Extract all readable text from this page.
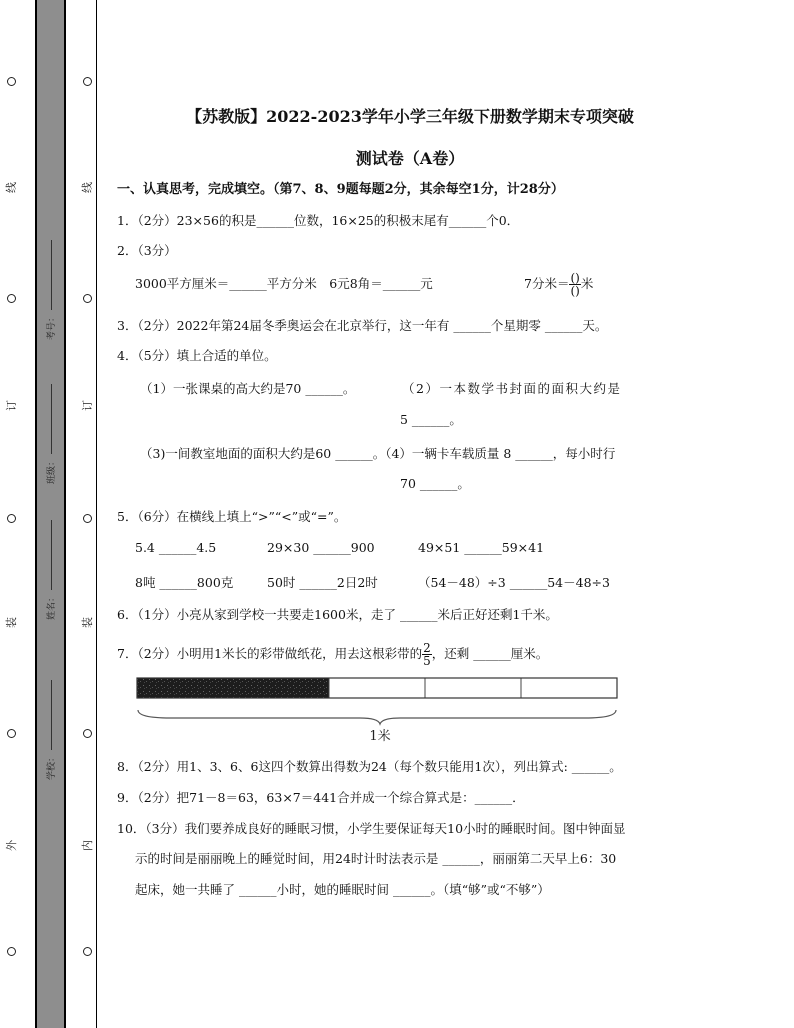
线
订
装
外
线
订
装
内
考号：
班级：
姓名：
学校：
【苏教版】2022-2023学年小学三年级下册数学期末专项突破
测试卷（A卷）
一、认真思考，完成填空。（第7、8、9题每题2分，其余每空1分，计28分）
1．（2分）23×56的积是______位数，16×25的积极末尾有______个0．
2．（3分）
3000平方厘米＝______平方分米　6元8角＝______元	7分米＝ $\frac{()}{()}$ 米
3．（2分）2022年第24届冬季奥运会在北京举行，这一年有 ______个星期零 ______天。
4．（5分）填上合适的单位。
（1）一张课桌的高大约是70 ______。	（2）一本数学书封面的面积大约是
5 ______。
（3)一间教室地面的面积大约是60 ______。（4）一辆卡车载质量 8 ______，每小时行
70 ______。
5．（6分）在横线上填上“>”“<”或“=”。
5.4 ______4.5	29×30 ______900	49×51 ______59×41
8吨 ______800克	50时 ______2日2时	（54－48）÷3 ______54－48÷3
6．（1分）小亮从家到学校一共要走1600米，走了 ______米后正好还剩1千米。
7．（2分）小明用1米长的彩带做纸花，用去这根彩带的 $\frac{2}{5}$ ，还剩 ______厘米。
1米
8．（2分）用1、3、6、6这四个数算出得数为24（每个数只能用1次），列出算式: ______。
9．（2分）把71－8＝63，63×7＝441合并成一个综合算式是：______．
10．（3分）我们要养成良好的睡眠习惯，小学生要保证每天10小时的睡眠时间。图中钟面显
示的时间是丽丽晚上的睡觉时间，用24时计时法表示是 ______，丽丽第二天早上6：30
起床，她一共睡了 ______小时，她的睡眠时间 ______。（填“够”或“不够”）
